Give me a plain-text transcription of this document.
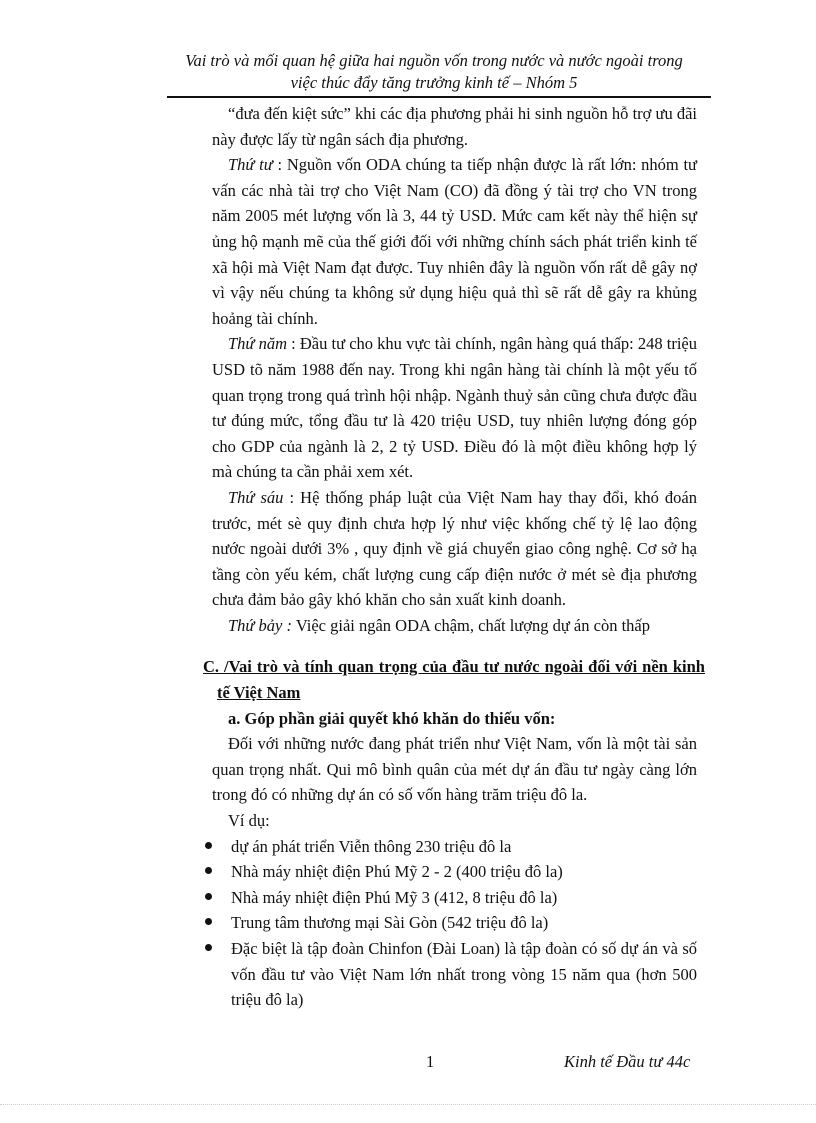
Vai trò và mối quan hệ giữa hai nguồn vốn trong nước và nước ngoài trong
việc thúc đẩy tăng trưởng kinh tế – Nhóm 5

“đưa đến kiệt sức” khi các địa phương phải hi sinh nguồn hỗ trợ ưu đãi này được lấy từ ngân sách địa phương.

Thứ tư : Nguồn vốn ODA chúng ta tiếp nhận được là rất lớn: nhóm tư vấn các nhà tài trợ cho Việt Nam (CO) đã đồng ý tài trợ cho VN trong năm 2005 mét lượng vốn là 3, 44 tỷ USD. Mức cam kết này thể hiện sự ủng hộ mạnh mẽ của thế giới đối với những chính sách phát triển kinh tế xã hội mà Việt Nam đạt được. Tuy nhiên đây là nguồn vốn rất dễ gây nợ vì vậy nếu chúng ta không sử dụng hiệu quả thì sẽ rất dễ gây ra khủng hoảng tài chính.

Thứ năm : Đầu tư cho khu vực tài chính, ngân hàng quá thấp: 248 triệu USD tõ năm 1988 đến nay. Trong khi ngân hàng tài chính là một yếu tố quan trọng trong quá trình hội nhập. Ngành thuỷ sản cũng chưa được đầu tư đúng mức, tổng đầu tư là 420 triệu USD, tuy nhiên lượng đóng góp cho GDP của ngành là 2, 2 tỷ USD. Điều đó là một điều không hợp lý mà chúng ta cần phải xem xét.

Thứ sáu : Hệ thống pháp luật của Việt Nam hay thay đổi, khó đoán trước, mét sè quy định chưa hợp lý như việc khống chế tỷ lệ lao động nước ngoài dưới 3% , quy định về giá chuyển giao công nghệ. Cơ sở hạ tầng còn yếu kém, chất lượng cung cấp điện nước ở mét sè địa phương chưa đảm bảo gây khó khăn cho sản xuất kinh doanh.

Thứ bảy : Việc giải ngân ODA chậm, chất lượng dự án còn thấp

C. /Vai trò và tính quan trọng của đầu tư nước ngoài đối với nền kinh tế Việt Nam

a. Góp phần giải quyết khó khăn do thiếu vốn:

Đối với những nước đang phát triển như Việt Nam, vốn là một tài sản quan trọng nhất. Qui mô bình quân của mét dự án đầu tư ngày càng lớn trong đó có những dự án có số vốn hàng trăm triệu đô la.

Ví dụ:

dự án phát triển Viễn thông 230 triệu đô la
Nhà máy nhiệt điện Phú Mỹ 2 - 2 (400 triệu đô la)
Nhà máy nhiệt điện Phú Mỹ 3 (412, 8 triệu đô la)
Trung tâm thương mại Sài Gòn (542 triệu đô la)
Đặc biệt là tập đoàn Chinfon (Đài Loan) là tập đoàn có số dự án và số vốn đầu tư vào Việt Nam lớn nhất trong vòng 15 năm qua (hơn 500 triệu đô la)
1	Kinh tế Đầu tư 44c
